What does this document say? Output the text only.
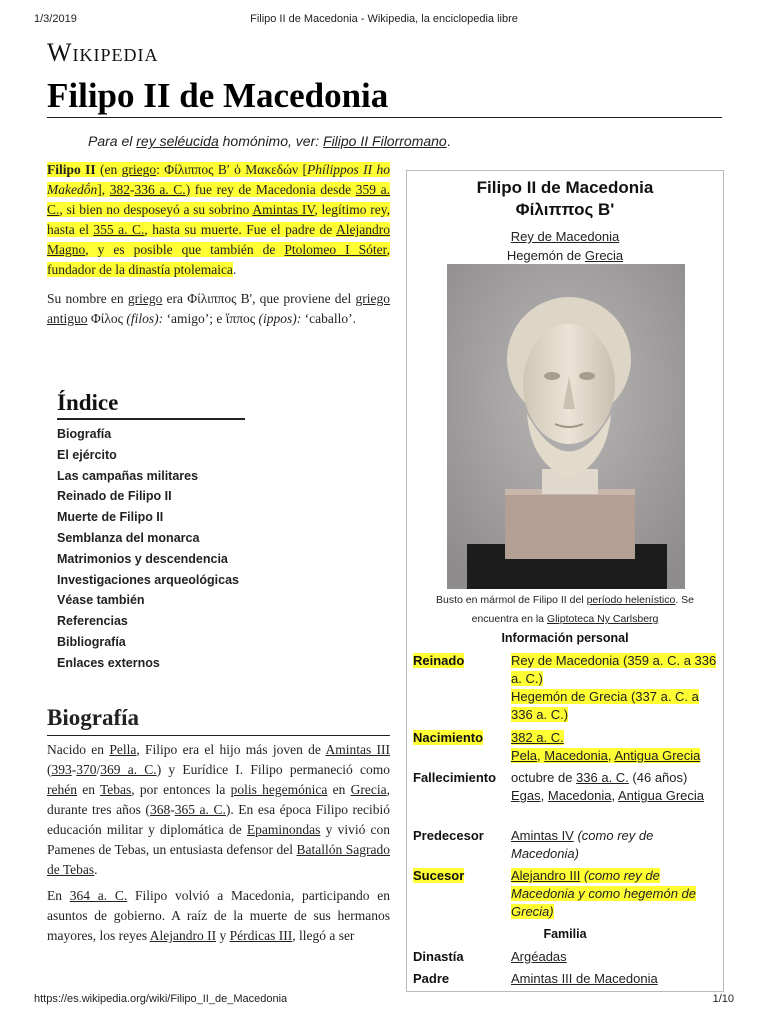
1/3/2019	Filipo II de Macedonia - Wikipedia, la enciclopedia libre
Wikipedia
Filipo II de Macedonia
Para el rey seléucida homónimo, ver: Filipo II Filorromano.
Filipo II (en griego: Φίλιππος Β′ ὁ Μακεδών [Phílippos II ho Makedṓn], 382-336 a. C.) fue rey de Macedonia desde 359 a. C., si bien no desposeyó a su sobrino Amintas IV, legítimo rey, hasta el 355 a. C., hasta su muerte. Fue el padre de Alejandro Magno, y es posible que también de Ptolomeo I Sóter, fundador de la dinastía ptolemaica.
Su nombre en griego era Φίλιππος Β', que proviene del griego antiguo Φίλος (filos): ‘amigo’; e ἵππος (ippos): ‘caballo’.
Índice
Biografía
El ejército
Las campañas militares
Reinado de Filipo II
Muerte de Filipo II
Semblanza del monarca
Matrimonios y descendencia
Investigaciones arqueológicas
Véase también
Referencias
Bibliografía
Enlaces externos
Biografía
Nacido en Pella, Filipo era el hijo más joven de Amintas III (393-370/369 a. C.) y Eurídice I. Filipo permaneció como rehén en Tebas, por entonces la polis hegemónica en Grecia, durante tres años (368-365 a. C.). En esa época Filipo recibió educación militar y diplomática de Epaminondas y vivió con Pamenes de Tebas, un entusiasta defensor del Batallón Sagrado de Tebas.
En 364 a. C. Filipo volvió a Macedonia, participando en asuntos de gobierno. A raíz de la muerte de sus hermanos mayores, los reyes Alejandro II y Pérdicas III, llegó a ser
Filipo II de Macedonia
Φίλιππος Β'
Rey de Macedonia
Hegemón de Grecia
Busto en mármol de Filipo II del período helenístico. Se encuentra en la Gliptoteca Ny Carlsberg
Información personal
Reinado	Rey de Macedonia (359 a. C. a 336 a. C.)
Hegemón de Grecia (337 a. C. a 336 a. C.)
Nacimiento	382 a. C.
Pela, Macedonia, Antigua Grecia
Fallecimiento	octubre de 336 a. C. (46 años)
Egas, Macedonia, Antigua Grecia
Predecesor	Amintas IV (como rey de Macedonia)
Sucesor	Alejandro III (como rey de Macedonia y como hegemón de Grecia)
Familia
Dinastía	Argéadas
Padre	Amintas III de Macedonia
https://es.wikipedia.org/wiki/Filipo_II_de_Macedonia	1/10
